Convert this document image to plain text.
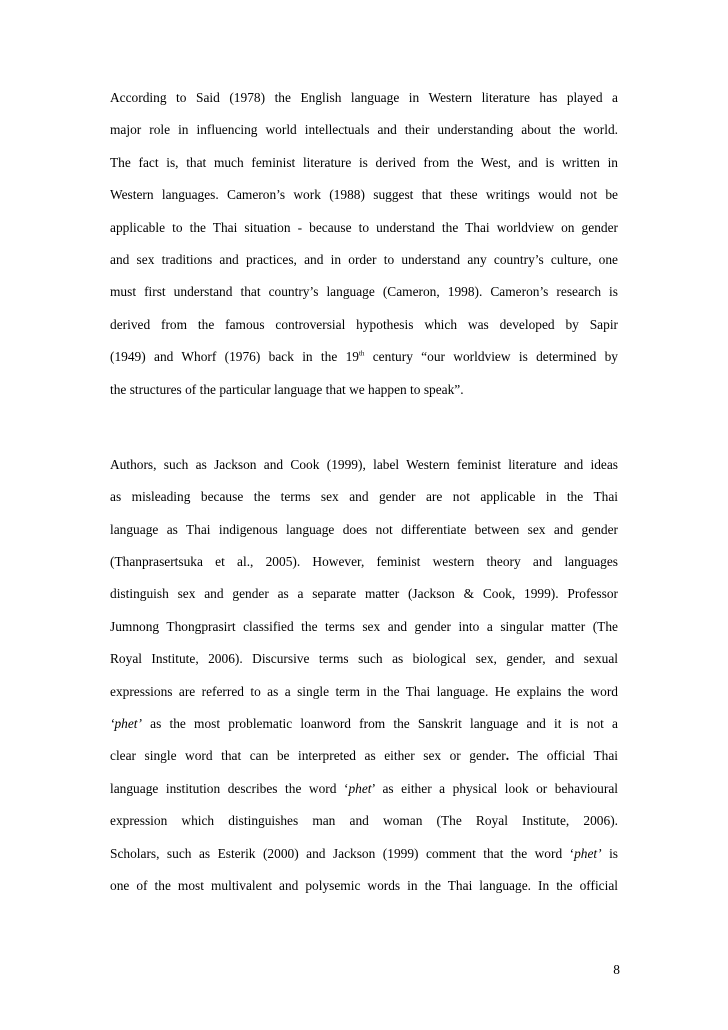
According to Said (1978) the English language in Western literature has played a
major role in influencing world intellectuals and their understanding about the world.
The fact is, that much feminist literature is derived from the West, and is written in
Western languages. Cameron’s work (1988) suggest that these writings would not be
applicable to the Thai situation - because to understand the Thai worldview on gender
and sex traditions and practices, and in order to understand any country’s culture, one
must first understand that country’s language (Cameron, 1998). Cameron’s research is
derived from the famous controversial hypothesis which was developed by Sapir
(1949) and Whorf (1976) back in the 19th century “our worldview is determined by
the structures of the particular language that we happen to speak”.
Authors, such as Jackson and Cook (1999), label Western feminist literature and ideas
as misleading because the terms sex and gender are not applicable in the Thai
language as Thai indigenous language does not differentiate between sex and gender
(Thanprasertsuka et al., 2005). However, feminist western theory and languages
distinguish sex and gender as a separate matter (Jackson & Cook, 1999). Professor
Jumnong Thongprasirt classified the terms sex and gender into a singular matter (The
Royal Institute, 2006). Discursive terms such as biological sex, gender, and sexual
expressions are referred to as a single term in the Thai language. He explains the word
‘phet’ as the most problematic loanword from the Sanskrit language and it is not a
clear single word that can be interpreted as either sex or gender. The official Thai
language institution describes the word ‘phet’ as either a physical look or behavioural
expression which distinguishes man and woman (The Royal Institute, 2006).
Scholars, such as Esterik (2000) and Jackson (1999) comment that the word ‘phet’ is
one of the most multivalent and polysemic words in the Thai language. In the official
8
